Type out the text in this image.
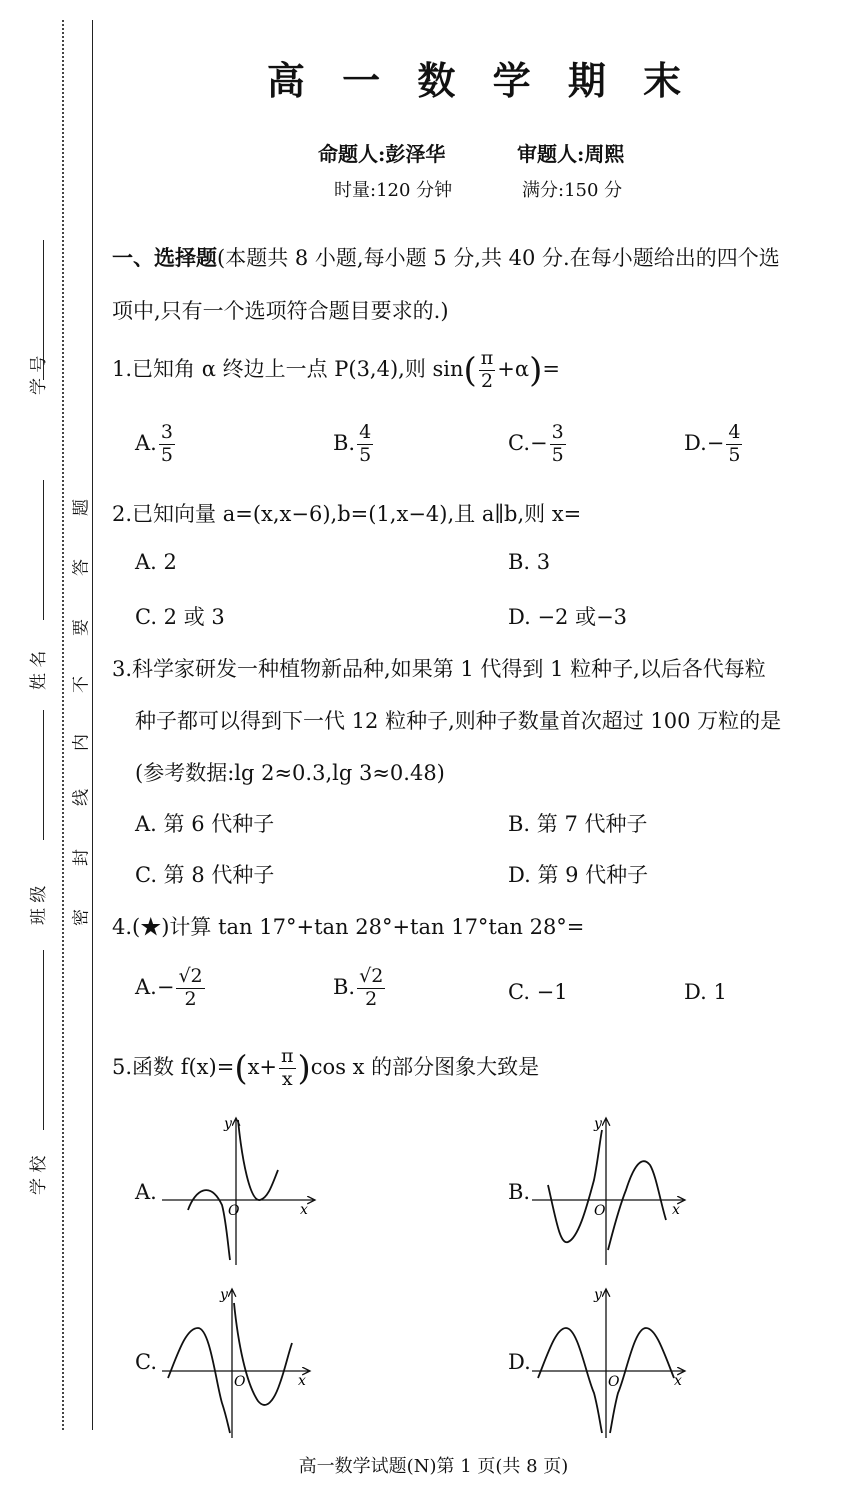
学 号
姓 名
班 级
学 校
密
封
线
内
不
要
答
题
高 一 数 学 期 末
命题人:彭泽华	审题人:周熙
时量:120 分钟	满分:150 分
一、选择题(本题共 8 小题,每小题 5 分,共 40 分.在每小题给出的四个选
项中,只有一个选项符合题目要求的.)
1.已知角 α 终边上一点 P(3,4),则 $\sin( \frac{\pi}{2} +\alpha)=$
A. $\frac{3}{5}$	B. $\frac{4}{5}$	$C.- \frac{3}{5}$	$D.- \frac{4}{5}$
2.已知向量 a=(x,x−6),b=(1,x−4),且 a∥b,则 x=
A. 2	B. 3
C. 2 或 3	D. −2 或−3
3.科学家研发一种植物新品种,如果第 1 代得到 1 粒种子,以后各代每粒
种子都可以得到下一代 12 粒种子,则种子数量首次超过 100 万粒的是
(参考数据:lg 2≈0.3,lg 3≈0.48)
A. 第 6 代种子	B. 第 7 代种子
C. 第 8 代种子	D. 第 9 代种子
4.(★)计算 tan 17°+tan 28°+tan 17°tan 28°=
$A.- \frac{√2}{2}$	B. $\frac{√2}{2}$	C. −1	D. 1
5.函数 $f(x)=(x+ \frac{\pi}{x} )\cos$ x 的部分图象大致是
A.	B.
C.	D.
O	x
y
O	x
y
O	x
y
O	x
y
高一数学试题(N)第 1 页(共 8 页)
